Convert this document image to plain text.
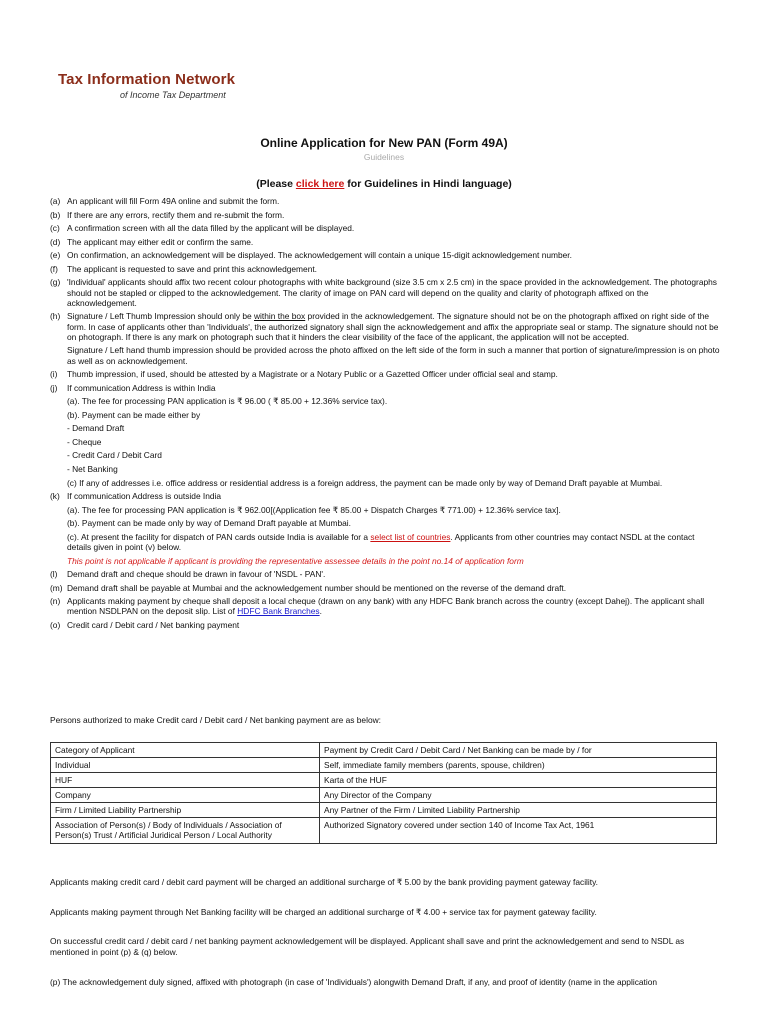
Tax Information Network
of Income Tax Department
Online Application for New PAN (Form 49A)
Guidelines
(Please click here for Guidelines in Hindi language)
(a) An applicant will fill Form 49A online and submit the form.
(b) If there are any errors, rectify them and re-submit the form.
(c) A confirmation screen with all the data filled by the applicant will be displayed.
(d) The applicant may either edit or confirm the same.
(e) On confirmation, an acknowledgement will be displayed. The acknowledgement will contain a unique 15-digit acknowledgement number.
(f)	The applicant is requested to save and print this acknowledgement.
(g) 'Individual' applicants should affix two recent colour photographs with white background (size 3.5 cm x 2.5 cm) in the space provided in the acknowledgement. The photographs should not be stapled or clipped to the acknowledgement. The clarity of image on PAN card will depend on the quality and clarity of photograph affixed on the acknowledgement.
(h) Signature / Left Thumb Impression should only be within the box provided in the acknowledgement. The signature should not be on the photograph affixed on right side of the form. In case of applicants other than 'Individuals', the authorized signatory shall sign the acknowledgement and affix the appropriate seal or stamp. The signature should not be on photograph. If there is any mark on photograph such that it hinders the clear visibility of the face of the applicant, the application will not be accepted.
Signature / Left hand thumb impression should be provided across the photo affixed on the left side of the form in such a manner that portion of signature/impression is on photo as well as on acknowledgement.
(i)	Thumb impression, if used, should be attested by a Magistrate or a Notary Public or a Gazetted Officer under official seal and stamp.
(j)	If communication Address is within India
(a). The fee for processing PAN application is ₹ 96.00 ( ₹ 85.00 + 12.36% service tax).
(b). Payment can be made either by
- Demand Draft
- Cheque
- Credit Card / Debit Card
- Net Banking
(c) If any of addresses i.e. office address or residential address is a foreign address, the payment can be made only by way of Demand Draft payable at Mumbai.
(k) If communication Address is outside India
(a). The fee for processing PAN application is ₹ 962.00[(Application fee ₹ 85.00 + Dispatch Charges ₹ 771.00) + 12.36% service tax].
(b). Payment can be made only by way of Demand Draft payable at Mumbai.
(c). At present the facility for dispatch of PAN cards outside India is available for a select list of countries. Applicants from other countries may contact NSDL at the contact details given in point (v) below.
This point is not applicable if applicant is providing the representative assessee details in the point no.14 of application form
(l)	Demand draft and cheque should be drawn in favour of 'NSDL - PAN'.
(m) Demand draft shall be payable at Mumbai and the acknowledgement number should be mentioned on the reverse of the demand draft.
(n) Applicants making payment by cheque shall deposit a local cheque (drawn on any bank) with any HDFC Bank branch across the country (except Dahej). The applicant shall mention NSDLPAN on the deposit slip. List of HDFC Bank Branches.
(o) Credit card / Debit card / Net banking payment
Persons authorized to make Credit card / Debit card / Net banking payment are as below:
Category of Applicant	Payment by Credit Card / Debit Card / Net Banking can be made by / for
Individual	Self, immediate family members (parents, spouse, children)
HUF	Karta of the HUF
Company	Any Director of the Company
Firm / Limited Liability Partnership	Any Partner of the Firm / Limited Liability Partnership
Association of Person(s) / Body of Individuals / Association of Person(s) Trust / Artificial Juridical Person / Local Authority	Authorized Signatory covered under section 140 of Income Tax Act, 1961
Applicants making credit card / debit card payment will be charged an additional surcharge of ₹ 5.00 by the bank providing payment gateway facility.
Applicants making payment through Net Banking facility will be charged an additional surcharge of ₹ 4.00 + service tax for payment gateway facility.
On successful credit card / debit card / net banking payment acknowledgement will be displayed. Applicant shall save and print the acknowledgement and send to NSDL as mentioned in point (p) & (q) below.
(p) The acknowledgement duly signed, affixed with photograph (in case of 'Individuals') alongwith Demand Draft, if any, and proof of identity (name in the application
